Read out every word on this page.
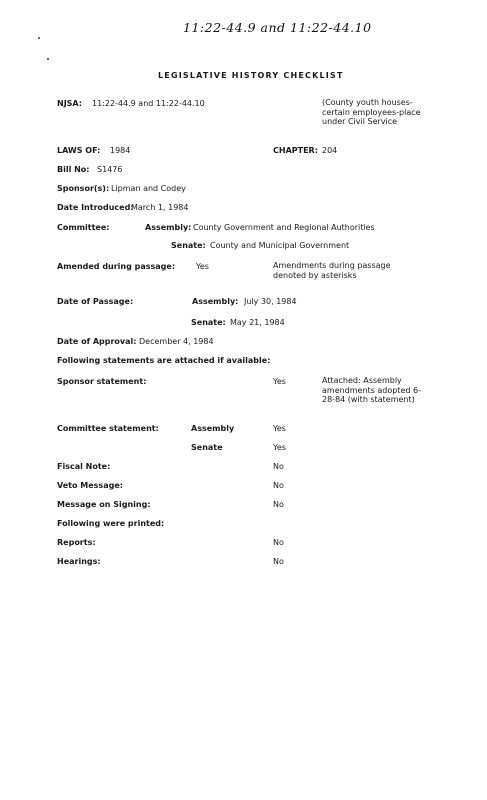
11:22-44.9 and 11:22-44.10
LEGISLATIVE HISTORY CHECKLIST
NJSA: 11:22-44.9 and 11:22-44.10	(County youth houses-certain employees-place under Civil Service
LAWS OF: 1984	CHAPTER: 204
Bill No: S1476
Sponsor(s): Lipman and Codey
Date Introduced:
March 1, 1984
Committee:	Assembly: County Government and Regional Authorities
Senate: County and Municipal Government
Amended during passage:	Yes	Amendments during passage denoted by asterisks
Date of Passage:	Assembly: July 30, 1984
Senate: May 21, 1984
Date of Approval: December 4, 1984
Following statements are attached if available:
Sponsor statement:	Yes	Attached: Assembly amendments adopted 6-28-84 (with statement)
Committee statement:	Assembly	Yes
Senate	Yes
Fiscal Note:	No
Veto Message:	No
Message on Signing:	No
Following were printed:
Reports:	No
Hearings:	No
